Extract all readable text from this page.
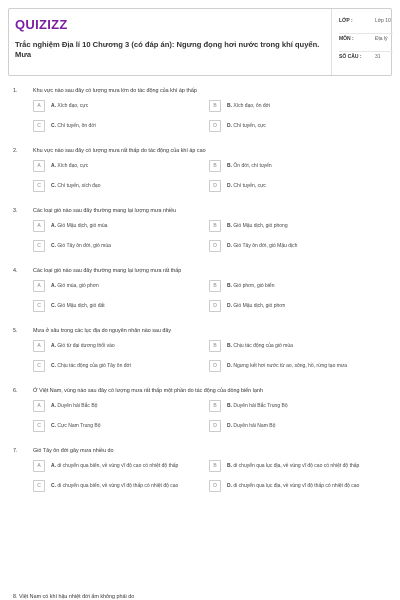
QUIZIZZ
Trắc nghiệm Địa lí 10 Chương 3 (có đáp án): Ngưng đọng hơi nước trong khí quyển. Mưa
LỚP :	Lớp 10
MÔN :	Địa lý
SỐ CÂU :	31
1.	Khu vực nào sau đây có lượng mưa lớn do tác động của khí áp thấp
A	A. Xích đạo, cực	B	B. Xích đạo, ôn đới
C	C. Chí tuyến, ôn đới	D	D. Chí tuyến, cực
2.	Khu vực nào sau đây có lượng mưa rất thấp do tác động của khí áp cao
A	A. Xích đạo, cực	B	B. Ôn đới, chí tuyến
C	C. Chí tuyến, xích đạo	D	D. Chí tuyến, cực
3.	Các loại gió nào sau đây thường mang lại lượng mưa nhiều
A	A. Gió Mậu dịch, gió mùa	B	B. Gió Mậu dịch, gió phong
C	C. Gió Tây ôn đới, gió mùa	D	D. Gió Tây ôn đới, gió Mậu dịch
4.	Các loại gió nào sau đây thường mang lại lượng mưa rất thấp
A	A. Gió mùa, gió phơn	B	B. Gió phơn, gió biển
C	C. Gió Mậu dịch, gió đất	D	D. Gió Mậu dịch, gió phơn
5.	Mưa ở sâu trong các lục địa do nguyên nhân nào sau đây
A	A. Gió từ đại dương thổi vào	B	B. Chịu tác động của gió mùa
C	C. Chịu tác động của gió Tây ôn đới	D	D. Ngưng kết hơi nước từ ao, sông, hồ, rừng tạo mưa
6.	Ở Việt Nam, vùng nào sau đây có lượng mưa rất thấp một phần do tác động của dòng biển lạnh
A	A. Duyên hải Bắc Bộ	B	B. Duyên hải Bắc Trung Bộ
C	C. Cực Nam Trung Bộ	D	D. Duyên hải Nam Bộ
7.	Gió Tây ôn đới gây mưa nhiều do
A	A. di chuyển qua biển, về vùng vĩ độ cao có nhiệt độ thấp	B	B. di chuyển qua lục địa, về vùng vĩ độ cao có nhiệt độ thấp
C	C. di chuyển qua biển, về vùng vĩ độ thấp có nhiệt độ cao	D	D. di chuyển qua lục địa, về vùng vĩ độ thấp có nhiệt độ cao
8. Việt Nam có khí hậu nhiệt đới ẩm không phải do
